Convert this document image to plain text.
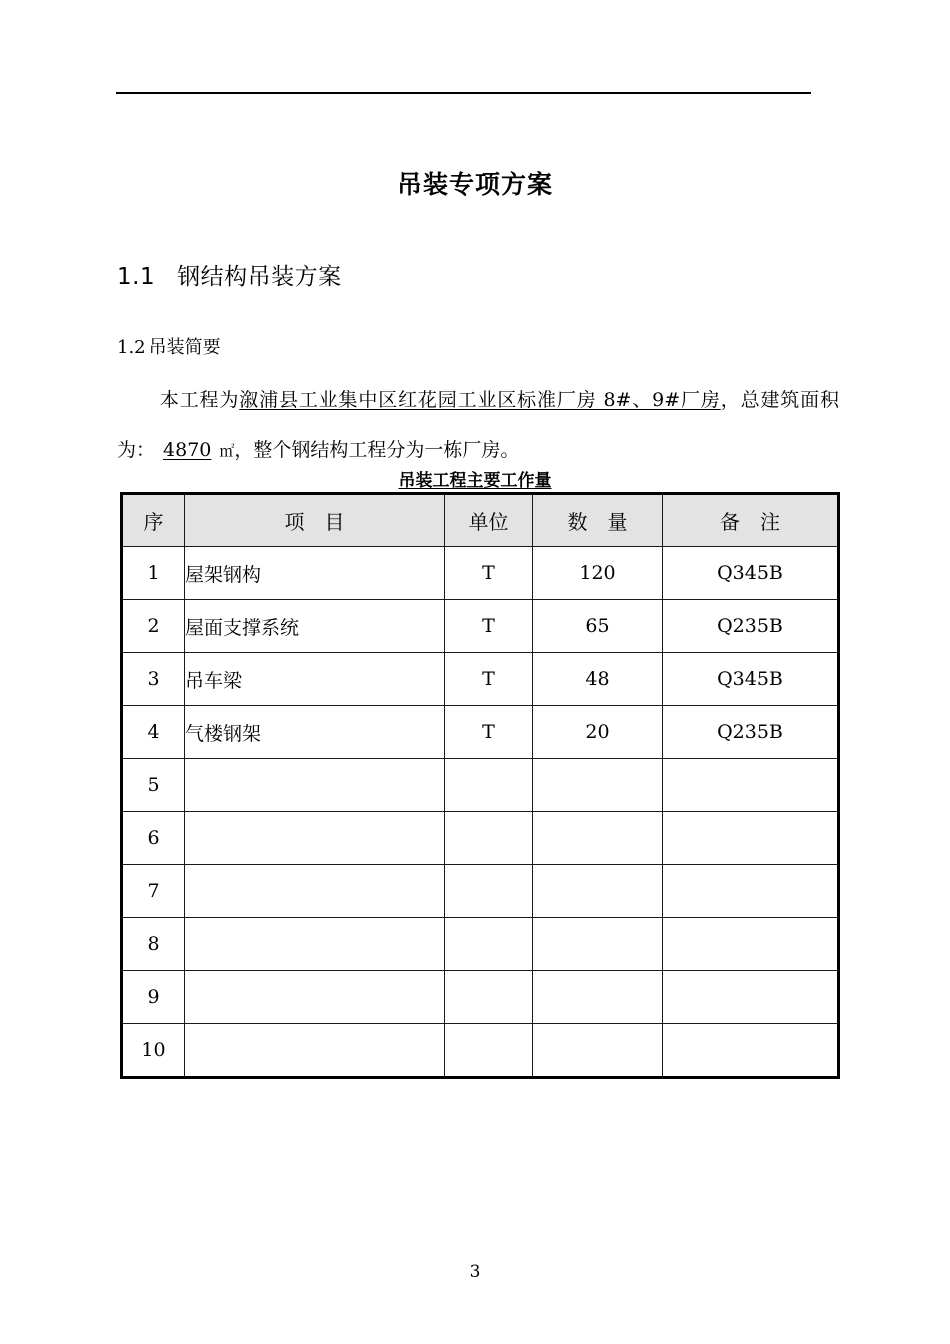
吊装专项方案
1.1 钢结构吊装方案
1.2 吊装简要
本工程为溆浦县工业集中区红花园工业区标准厂房 8#、9#厂房，总建筑面积为： 4870 ㎡，整个钢结构工程分为一栋厂房。
吊装工程主要工作量
序	项　目	单位	数　量	备　注
1	屋架钢构	T	120	Q345B
2	屋面支撑系统	T	65	Q235B
3	吊车梁	T	48	Q345B
4	气楼钢架	T	20	Q235B
5				
6				
7				
8				
9				
10				
3
